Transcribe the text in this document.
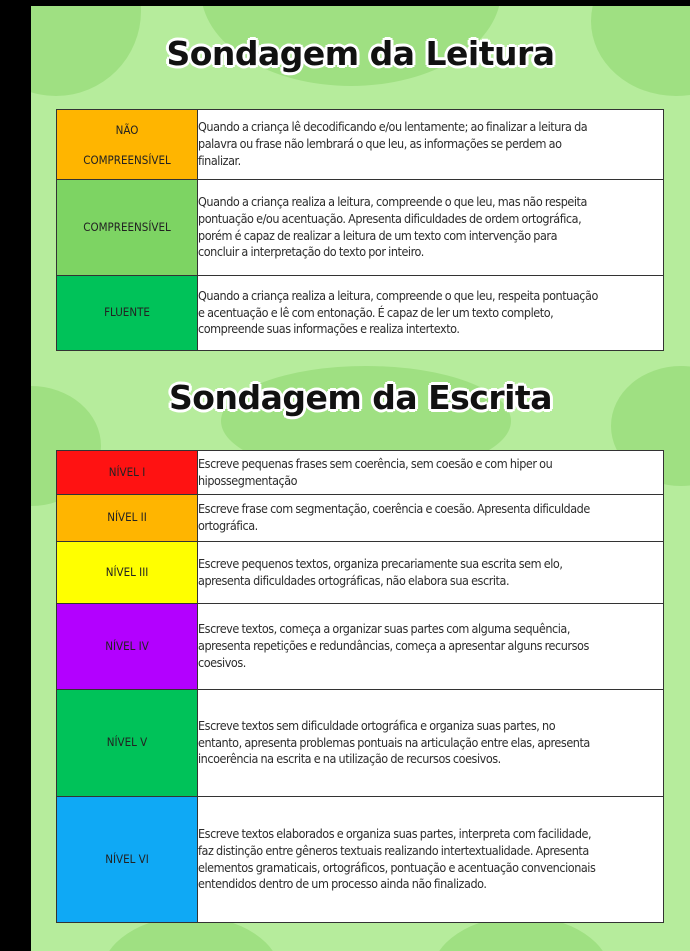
Sondagem da Leitura
NÃO
COMPREENSÍVEL	Quando a criança lê decodificando e/ou lentamente; ao finalizar a leitura da
palavra ou frase não lembrará o que leu, as informações se perdem ao
finalizar.

COMPREENSÍVEL	Quando a criança realiza a leitura, compreende o que leu, mas não respeita
pontuação e/ou acentuação. Apresenta dificuldades de ordem ortográfica,
porém é capaz de realizar a leitura de um texto com intervenção para
concluir a interpretação do texto por inteiro.

FLUENTE	Quando a criança realiza a leitura, compreende o que leu, respeita pontuação
e acentuação e lê com entonação. É capaz de ler um texto completo,
compreende suas informações e realiza intertexto.
Sondagem da Escrita
NÍVEL I	Escreve pequenas frases sem coerência, sem coesão e com hiper ou
hipossegmentação

NÍVEL II	Escreve frase com segmentação, coerência e coesão. Apresenta dificuldade
ortográfica.

NÍVEL III	Escreve pequenos textos, organiza precariamente sua escrita sem elo,
apresenta dificuldades ortográficas, não elabora sua escrita.

NÍVEL IV	Escreve textos, começa a organizar suas partes com alguma sequência,
apresenta repetições e redundâncias, começa a apresentar alguns recursos
coesivos.

NÍVEL V	Escreve textos sem dificuldade ortográfica e organiza suas partes, no
entanto, apresenta problemas pontuais na articulação entre elas, apresenta
incoerência na escrita e na utilização de recursos coesivos.

NÍVEL VI	Escreve textos elaborados e organiza suas partes, interpreta com facilidade,
faz distinção entre gêneros textuais realizando intertextualidade. Apresenta
elementos gramaticais, ortográficos, pontuação e acentuação convencionais
entendidos dentro de um processo ainda não finalizado.
